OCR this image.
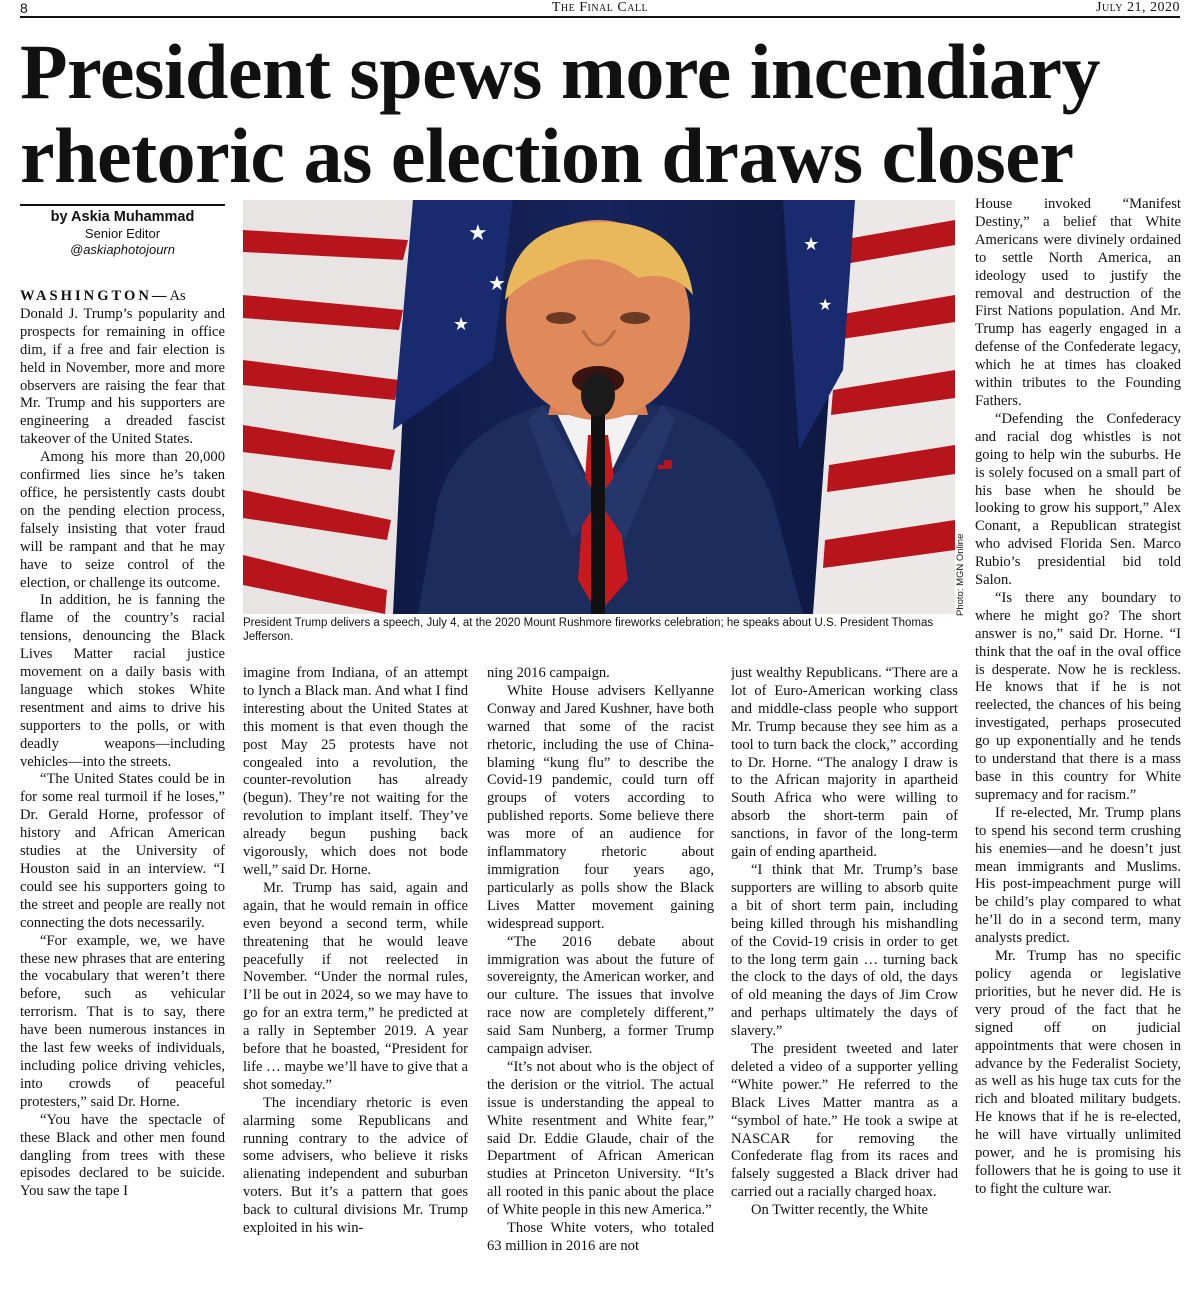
8	The Final Call	July 21, 2020
President spews more incendiary
rhetoric as election draws closer
by Askia Muhammad
Senior Editor
@askiaphotojourn
★
★
★
★
★
Photo: MGN Online
President Trump delivers a speech, July 4, at the 2020 Mount Rushmore fireworks celebration; he speaks about U.S. President Thomas Jefferson.

WASHINGTON—As Donald J. Trump’s popularity and prospects for remaining in office dim, if a free and fair election is held in November, more and more observers are raising the fear that Mr. Trump and his supporters are engineering a dreaded fascist takeover of the United States.

Among his more than 20,000 confirmed lies since he’s taken office, he persistently casts doubt on the pending election process, falsely insisting that voter fraud will be rampant and that he may have to seize control of the election, or challenge its outcome.

In addition, he is fanning the flame of the country’s racial tensions, denouncing the Black Lives Matter racial justice movement on a daily basis with language which stokes White resentment and aims to drive his supporters to the polls, or with deadly weapons—including vehicles—into the streets.

“The United States could be in for some real turmoil if he loses,” Dr. Gerald Horne, professor of history and African American studies at the University of Houston said in an interview. “I could see his supporters going to the street and people are really not connecting the dots necessarily.

“For example, we, we have these new phrases that are entering the vocabulary that weren’t there before, such as vehicular terrorism. That is to say, there have been numerous instances in the last few weeks of individuals, including police driving vehicles, into crowds of peaceful protesters,” said Dr. Horne.

“You have the spectacle of these Black and other men found dangling from trees with these episodes declared to be suicide. You saw the tape I

imagine from Indiana, of an attempt to lynch a Black man. And what I find interesting about the United States at this moment is that even though the post May 25 protests have not congealed into a revolution, the counter-revolution has already (begun). They’re not waiting for the revolution to implant itself. They’ve already begun pushing back vigorously, which does not bode well,” said Dr. Horne.

Mr. Trump has said, again and again, that he would remain in office even beyond a second term, while threatening that he would leave peacefully if not reelected in November. “Under the normal rules, I’ll be out in 2024, so we may have to go for an extra term,” he predicted at a rally in September 2019. A year before that he boasted, “President for life … maybe we’ll have to give that a shot someday.”

The incendiary rhetoric is even alarming some Republicans and running contrary to the advice of some advisers, who believe it risks alienating independent and suburban voters. But it’s a pattern that goes back to cultural divisions Mr. Trump exploited in his win-

ning 2016 campaign.

White House advisers Kellyanne Conway and Jared Kushner, have both warned that some of the racist rhetoric, including the use of China-blaming “kung flu” to describe the Covid-19 pandemic, could turn off groups of voters according to published reports. Some believe there was more of an audience for inflammatory rhetoric about immigration four years ago, particularly as polls show the Black Lives Matter movement gaining widespread support.

“The 2016 debate about immigration was about the future of sovereignty, the American worker, and our culture. The issues that involve race now are completely different,” said Sam Nunberg, a former Trump campaign adviser.

“It’s not about who is the object of the derision or the vitriol. The actual issue is understanding the appeal to White resentment and White fear,” said Dr. Eddie Glaude, chair of the Department of African American studies at Princeton University. “It’s all rooted in this panic about the place of White people in this new America.”

Those White voters, who totaled 63 million in 2016 are not

just wealthy Republicans. “There are a lot of Euro-American working class and middle-class people who support Mr. Trump because they see him as a tool to turn back the clock,” according to Dr. Horne. “The analogy I draw is to the African majority in apartheid South Africa who were willing to absorb the short-term pain of sanctions, in favor of the long-term gain of ending apartheid.

“I think that Mr. Trump’s base supporters are willing to absorb quite a bit of short term pain, including being killed through his mishandling of the Covid-19 crisis in order to get to the long term gain … turning back the clock to the days of old, the days of old meaning the days of Jim Crow and perhaps ultimately the days of slavery.”

The president tweeted and later deleted a video of a supporter yelling “White power.” He referred to the Black Lives Matter mantra as a “symbol of hate.” He took a swipe at NASCAR for removing the Confederate flag from its races and falsely suggested a Black driver had carried out a racially charged hoax.

On Twitter recently, the White

House invoked “Manifest Destiny,” a belief that White Americans were divinely ordained to settle North America, an ideology used to justify the removal and destruction of the First Nations population. And Mr. Trump has eagerly engaged in a defense of the Confederate legacy, which he at times has cloaked within tributes to the Founding Fathers.

“Defending the Confederacy and racial dog whistles is not going to help win the suburbs. He is solely focused on a small part of his base when he should be looking to grow his support,” Alex Conant, a Republican strategist who advised Florida Sen. Marco Rubio’s presidential bid told Salon.

“Is there any boundary to where he might go? The short answer is no,” said Dr. Horne. “I think that the oaf in the oval office is desperate. Now he is reckless. He knows that if he is not reelected, the chances of his being investigated, perhaps prosecuted go up exponentially and he tends to understand that there is a mass base in this country for White supremacy and for racism.”

If re-elected, Mr. Trump plans to spend his second term crushing his enemies—and he doesn’t just mean immigrants and Muslims. His post-impeachment purge will be child’s play compared to what he’ll do in a second term, many analysts predict.

Mr. Trump has no specific policy agenda or legislative priorities, but he never did. He is very proud of the fact that he signed off on judicial appointments that were chosen in advance by the Federalist Society, as well as his huge tax cuts for the rich and bloated military budgets. He knows that if he is re-elected, he will have virtually unlimited power, and he is promising his followers that he is going to use it to fight the culture war.
